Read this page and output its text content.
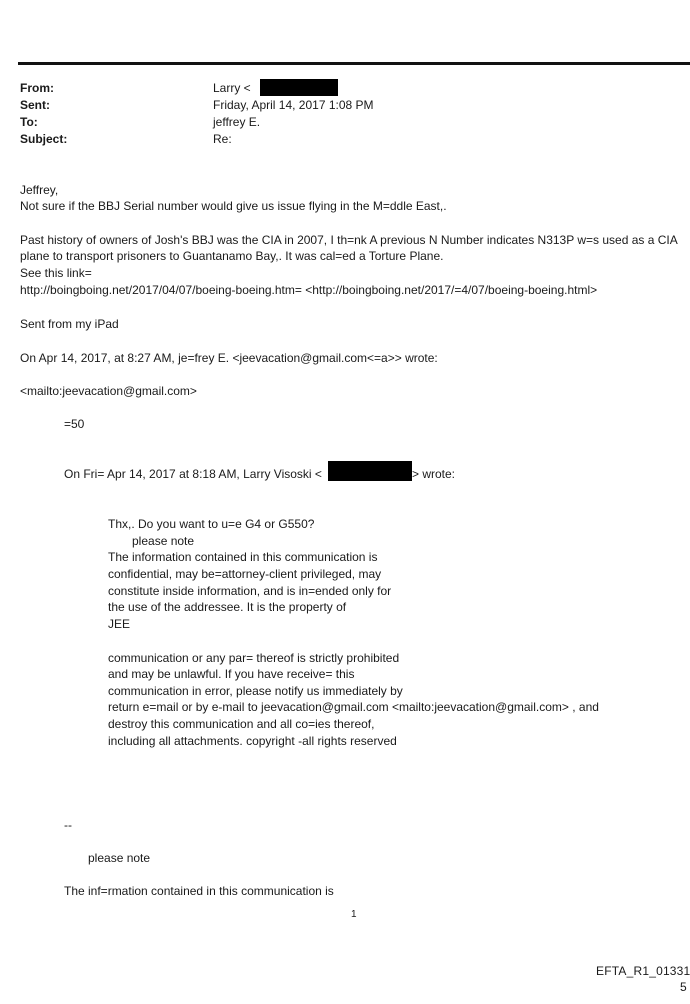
From:	Larry <
Sent:	Friday, April 14, 2017 1:08 PM
To:	jeffrey E.
Subject:	Re:
Jeffrey,
Not sure if the BBJ Serial number would give us issue flying in the M=ddle East,.
Past history of owners of Josh's BBJ was the CIA in 2007, I th=nk A previous N Number indicates N313P w=s used as a CIA
plane to transport prisoners to Guantanamo Bay,. It was cal=ed a Torture Plane.
See this link=
http://boingboing.net/2017/04/07/boeing-boeing.htm= <http://boingboing.net/2017/=4/07/boeing-boeing.html>
Sent from my iPad
On Apr 14, 2017, at 8:27 AM, je=frey E. <jeevacation@gmail.com<=a>> wrote:
<mailto:jeevacation@gmail.com>
=50
On Fri= Apr 14, 2017 at 8:18 AM, Larry Visoski <	> wrote:
Thx,. Do you want to u=e G4 or G550?
please note
The information contained in this communication is
confidential, may be=attorney-client privileged, may
constitute inside information, and is in=ended only for
the use of the addressee. It is the property of
JEE
communication or any par= thereof is strictly prohibited
and may be unlawful. If you have receive= this
communication in error, please notify us immediately by
return e=mail or by e-mail to jeevacation@gmail.com <mailto:jeevacation@gmail.com> , and
destroy this communication and all co=ies thereof,
including all attachments. copyright -all rights reserved
--
please note
The inf=rmation contained in this communication is
1
EFTA_R1_01331
5
